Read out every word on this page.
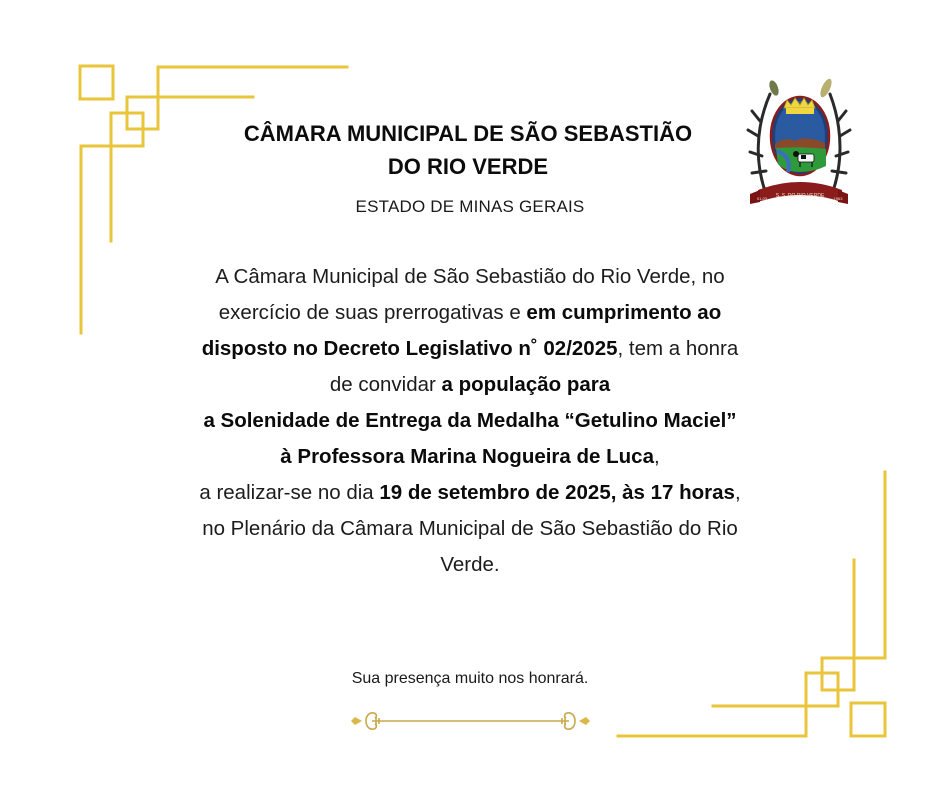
S. S. DO RIO VERDE
01-03	1963
CÂMARA MUNICIPAL DE SÃO SEBASTIÃO
DO RIO VERDE
ESTADO DE MINAS GERAIS
A Câmara Municipal de São Sebastião do Rio Verde, no
exercício de suas prerrogativas e em cumprimento ao
disposto no Decreto Legislativo n˚ 02/2025, tem a honra
de convidar a população para
a Solenidade de Entrega da Medalha “Getulino Maciel”
à Professora Marina Nogueira de Luca,
a realizar-se no dia 19 de setembro de 2025, às 17 horas,
no Plenário da Câmara Municipal de São Sebastião do Rio
Verde.
Sua presença muito nos honrará.
